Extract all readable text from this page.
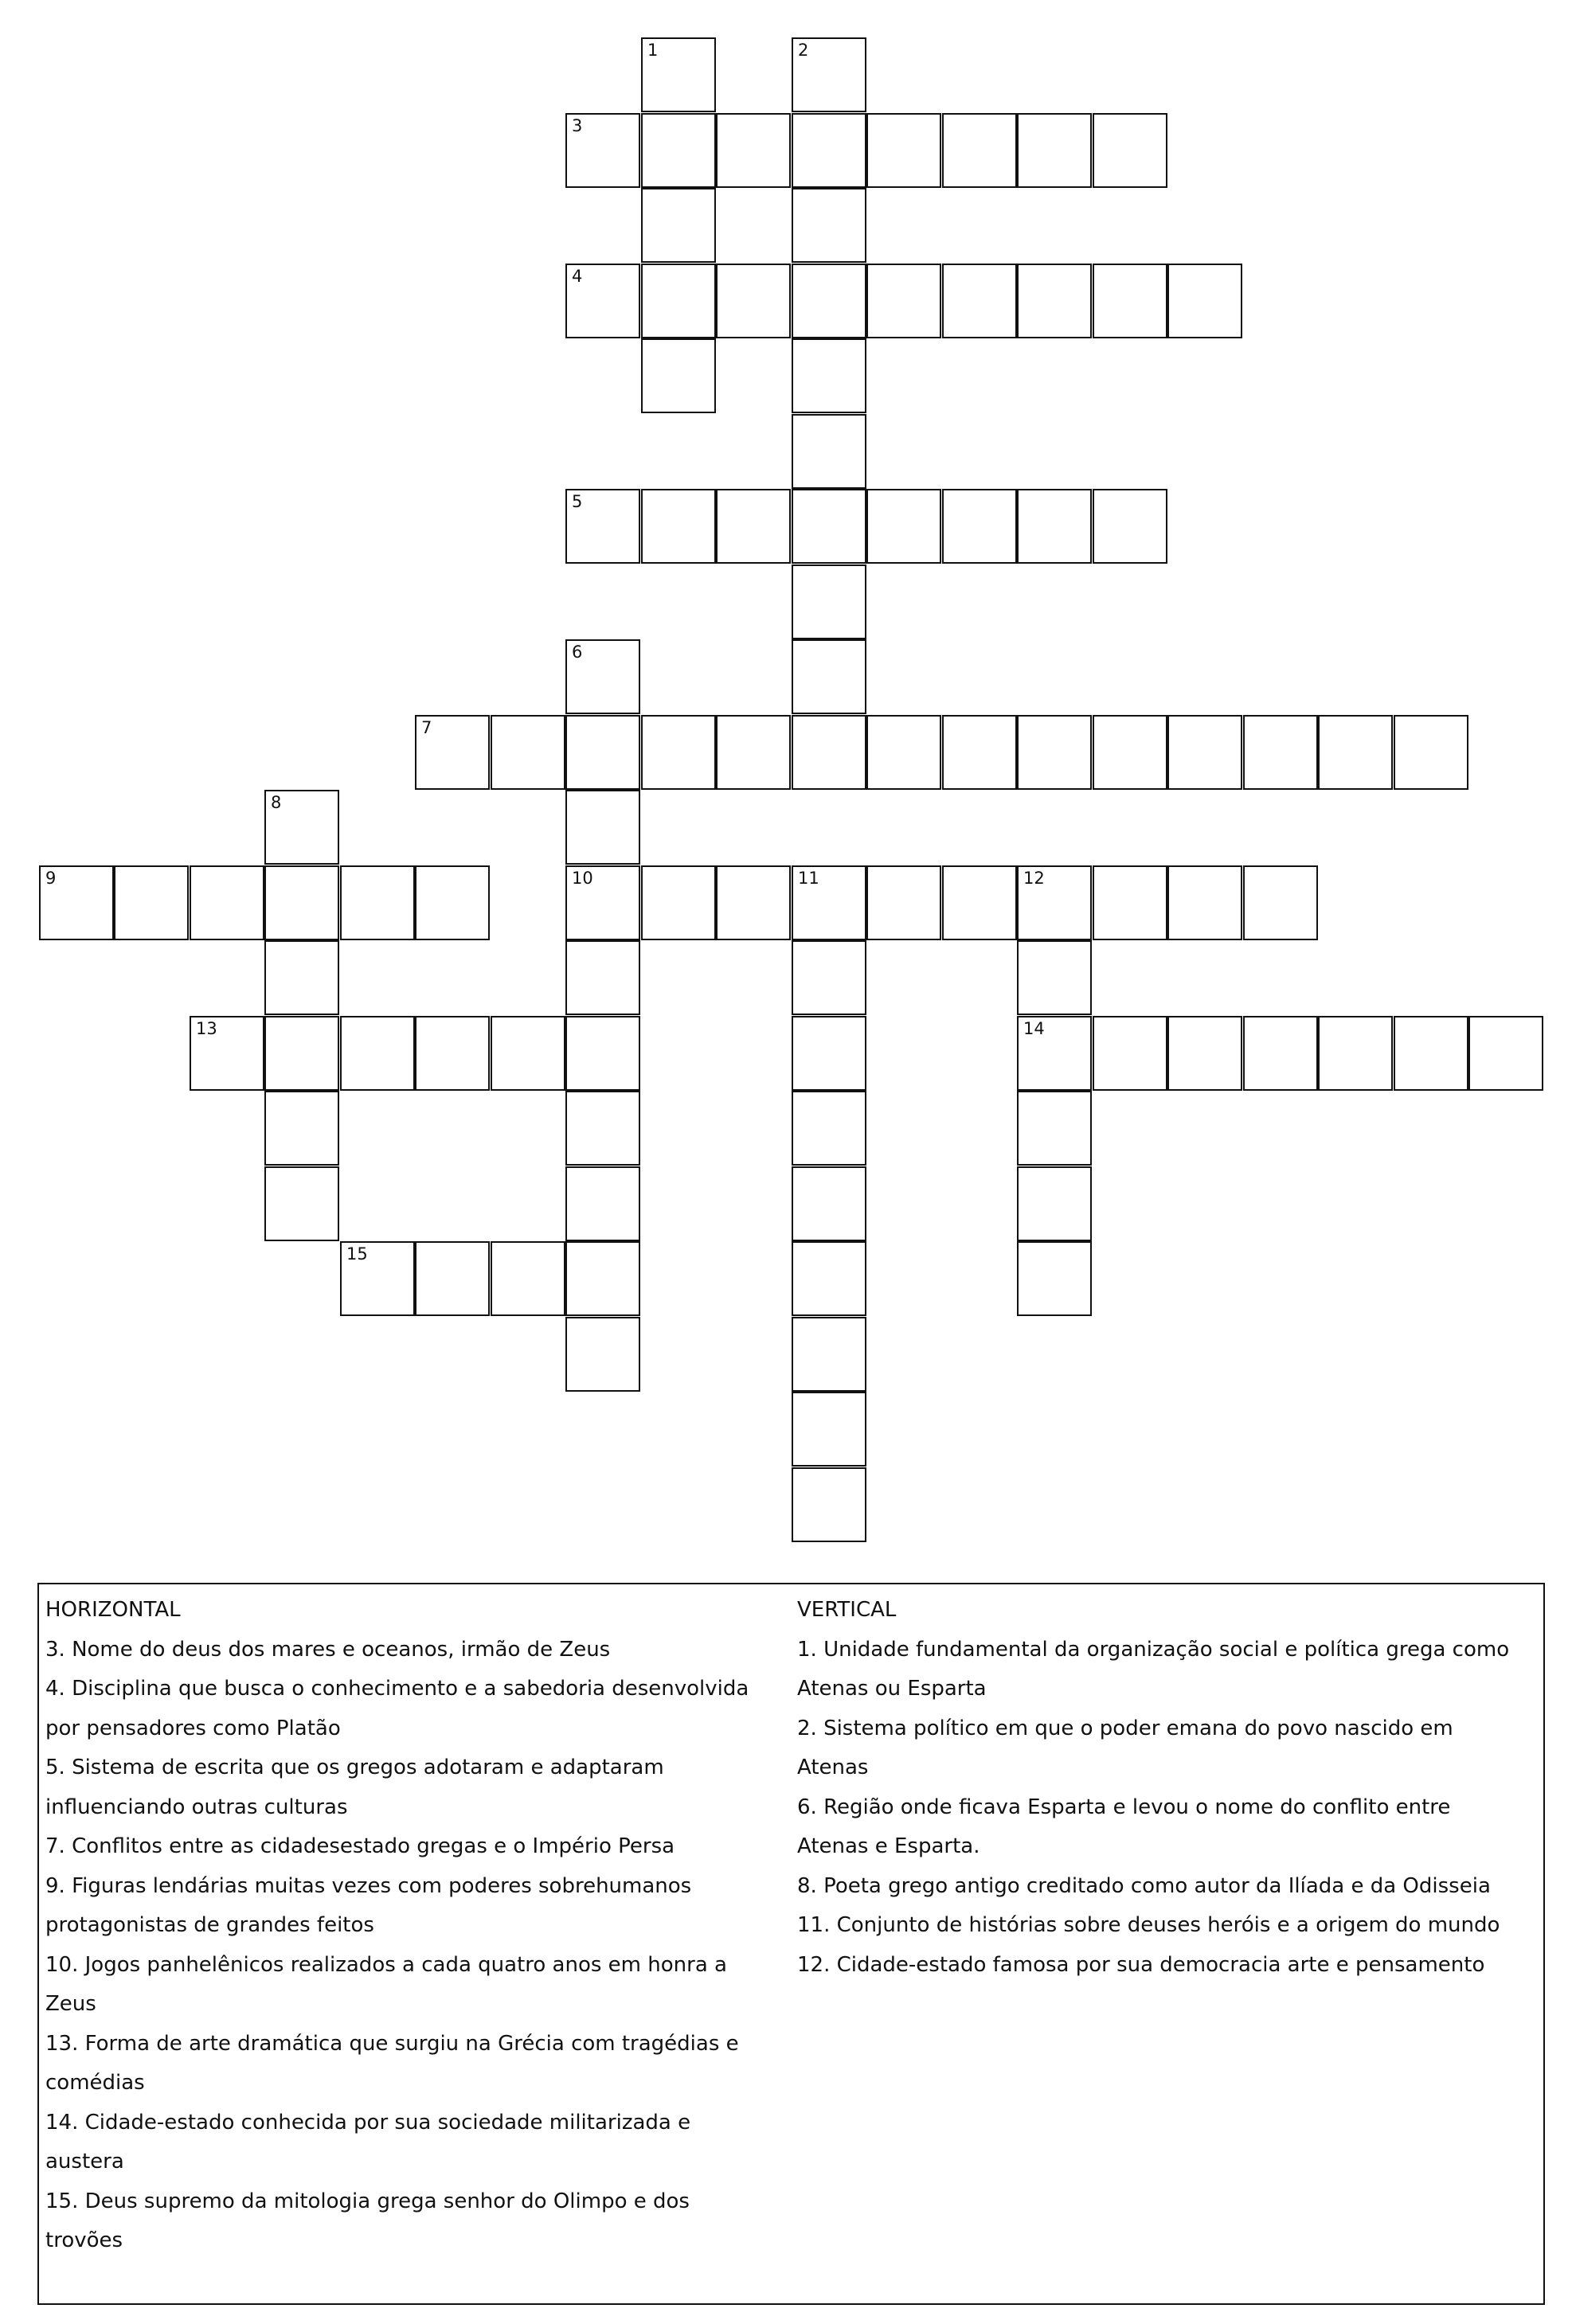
1	2
3
4
5
6
7
8
9	10	11	12
13	14
15

HORIZONTAL

3. Nome do deus dos mares e oceanos, irmão de Zeus

4. Disciplina que busca o conhecimento e a sabedoria desenvolvida

por pensadores como Platão

5. Sistema de escrita que os gregos adotaram e adaptaram

influenciando outras culturas

7. Conflitos entre as cidadesestado gregas e o Império Persa

9. Figuras lendárias muitas vezes com poderes sobrehumanos

protagonistas de grandes feitos

10. Jogos panhelênicos realizados a cada quatro anos em honra a

Zeus

13. Forma de arte dramática que surgiu na Grécia com tragédias e

comédias

14. Cidade-estado conhecida por sua sociedade militarizada e

austera

15. Deus supremo da mitologia grega senhor do Olimpo e dos

trovões

VERTICAL

1. Unidade fundamental da organização social e política grega como

Atenas ou Esparta

2. Sistema político em que o poder emana do povo nascido em

Atenas

6. Região onde ficava Esparta e levou o nome do conflito entre

Atenas e Esparta.

8. Poeta grego antigo creditado como autor da Ilíada e da Odisseia

11. Conjunto de histórias sobre deuses heróis e a origem do mundo

12. Cidade-estado famosa por sua democracia arte e pensamento
